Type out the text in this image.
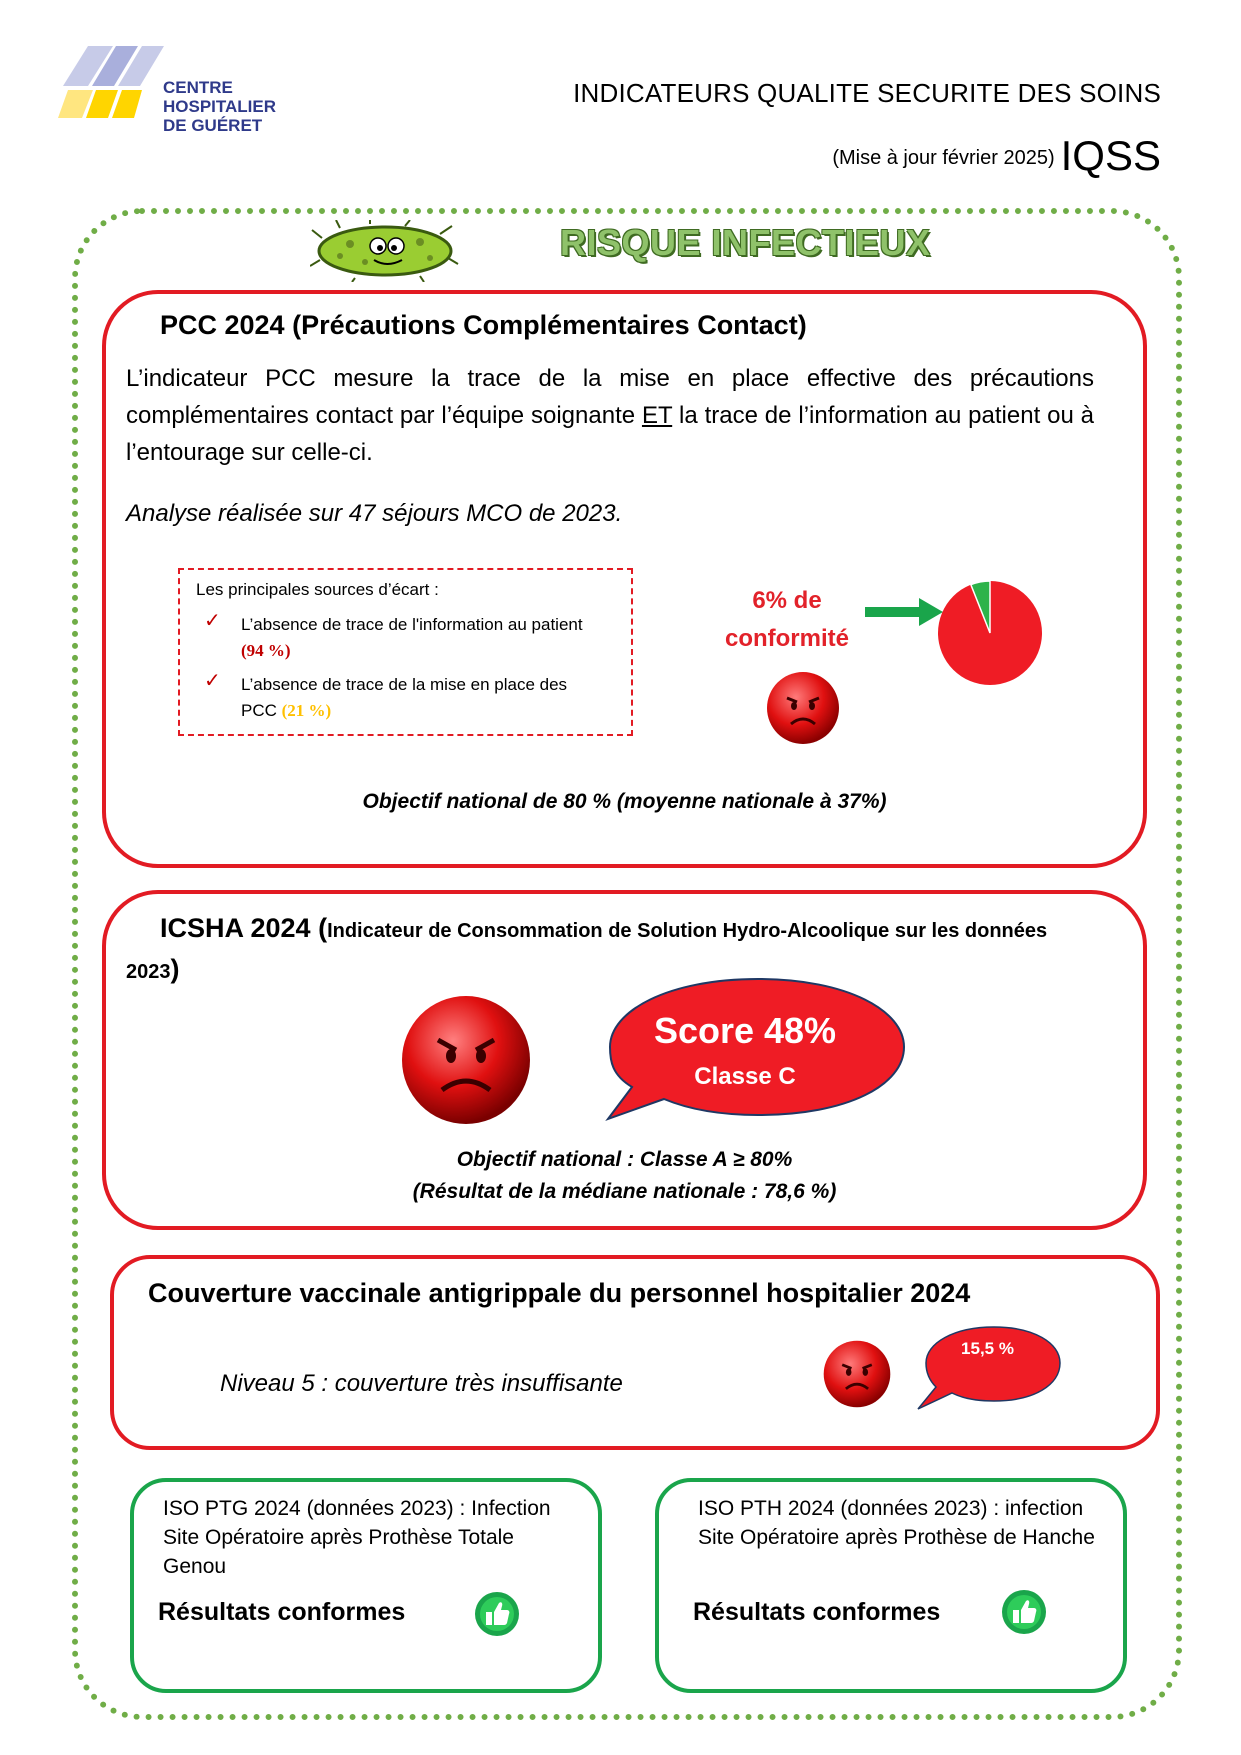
CENTRE
HOSPITALIER
DE GUÉRET
INDICATEURS QUALITE SECURITE DES SOINS
(Mise à jour février 2025) IQSS
RISQUE INFECTIEUX
PCC 2024 (Précautions Complémentaires Contact)
L’indicateur PCC mesure la trace de la mise en place effective des précautions complémentaires contact par l’équipe soignante ET la trace de l’information au patient ou à l’entourage sur celle-ci.
Analyse réalisée sur 47 séjours MCO de 2023.
Les principales sources d’écart :
✓
✓
L’absence de trace de l'information au patient (94 %)
L’absence de trace de la mise en place des PCC (21 %)
6% de
conformité
Objectif national de 80 % (moyenne nationale à 37%)
ICSHA 2024 (Indicateur de Consommation de Solution Hydro-Alcoolique sur les données 2023)
Score 48%
Classe C
Objectif national : Classe A ≥ 80%
(Résultat de la médiane nationale : 78,6 %)
Couverture vaccinale antigrippale du personnel hospitalier 2024
Niveau 5 : couverture très insuffisante
15,5 %
ISO PTG 2024 (données 2023) : Infection Site Opératoire après Prothèse Totale Genou
Résultats conformes
ISO PTH 2024 (données 2023) : infection Site Opératoire après Prothèse de Hanche
Résultats conformes
